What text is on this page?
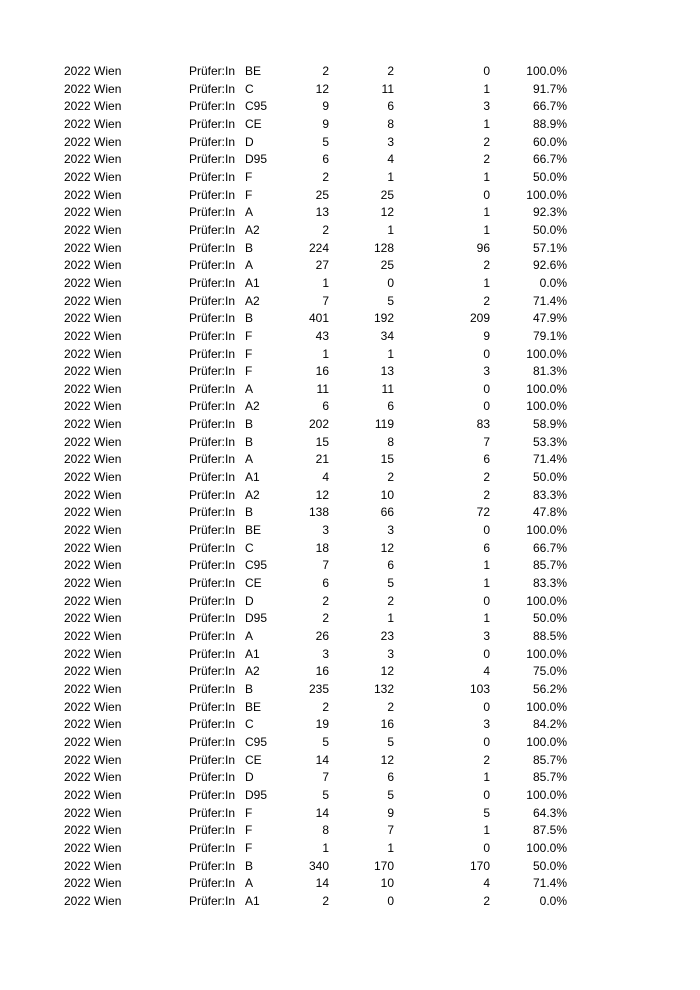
2022 Wien	Prüfer:In BE	2	2	0	100.0%
2022 Wien	Prüfer:In C	12	11	1	91.7%
2022 Wien	Prüfer:In C95	9	6	3	66.7%
2022 Wien	Prüfer:In CE	9	8	1	88.9%
2022 Wien	Prüfer:In D	5	3	2	60.0%
2022 Wien	Prüfer:In D95	6	4	2	66.7%
2022 Wien	Prüfer:In F	2	1	1	50.0%
2022 Wien	Prüfer:In F	25	25	0	100.0%
2022 Wien	Prüfer:In A	13	12	1	92.3%
2022 Wien	Prüfer:In A2	2	1	1	50.0%
2022 Wien	Prüfer:In B	224	128	96	57.1%
2022 Wien	Prüfer:In A	27	25	2	92.6%
2022 Wien	Prüfer:In A1	1	0	1	0.0%
2022 Wien	Prüfer:In A2	7	5	2	71.4%
2022 Wien	Prüfer:In B	401	192	209	47.9%
2022 Wien	Prüfer:In F	43	34	9	79.1%
2022 Wien	Prüfer:In F	1	1	0	100.0%
2022 Wien	Prüfer:In F	16	13	3	81.3%
2022 Wien	Prüfer:In A	11	11	0	100.0%
2022 Wien	Prüfer:In A2	6	6	0	100.0%
2022 Wien	Prüfer:In B	202	119	83	58.9%
2022 Wien	Prüfer:In B	15	8	7	53.3%
2022 Wien	Prüfer:In A	21	15	6	71.4%
2022 Wien	Prüfer:In A1	4	2	2	50.0%
2022 Wien	Prüfer:In A2	12	10	2	83.3%
2022 Wien	Prüfer:In B	138	66	72	47.8%
2022 Wien	Prüfer:In BE	3	3	0	100.0%
2022 Wien	Prüfer:In C	18	12	6	66.7%
2022 Wien	Prüfer:In C95	7	6	1	85.7%
2022 Wien	Prüfer:In CE	6	5	1	83.3%
2022 Wien	Prüfer:In D	2	2	0	100.0%
2022 Wien	Prüfer:In D95	2	1	1	50.0%
2022 Wien	Prüfer:In A	26	23	3	88.5%
2022 Wien	Prüfer:In A1	3	3	0	100.0%
2022 Wien	Prüfer:In A2	16	12	4	75.0%
2022 Wien	Prüfer:In B	235	132	103	56.2%
2022 Wien	Prüfer:In BE	2	2	0	100.0%
2022 Wien	Prüfer:In C	19	16	3	84.2%
2022 Wien	Prüfer:In C95	5	5	0	100.0%
2022 Wien	Prüfer:In CE	14	12	2	85.7%
2022 Wien	Prüfer:In D	7	6	1	85.7%
2022 Wien	Prüfer:In D95	5	5	0	100.0%
2022 Wien	Prüfer:In F	14	9	5	64.3%
2022 Wien	Prüfer:In F	8	7	1	87.5%
2022 Wien	Prüfer:In F	1	1	0	100.0%
2022 Wien	Prüfer:In B	340	170	170	50.0%
2022 Wien	Prüfer:In A	14	10	4	71.4%
2022 Wien	Prüfer:In A1	2	0	2	0.0%
